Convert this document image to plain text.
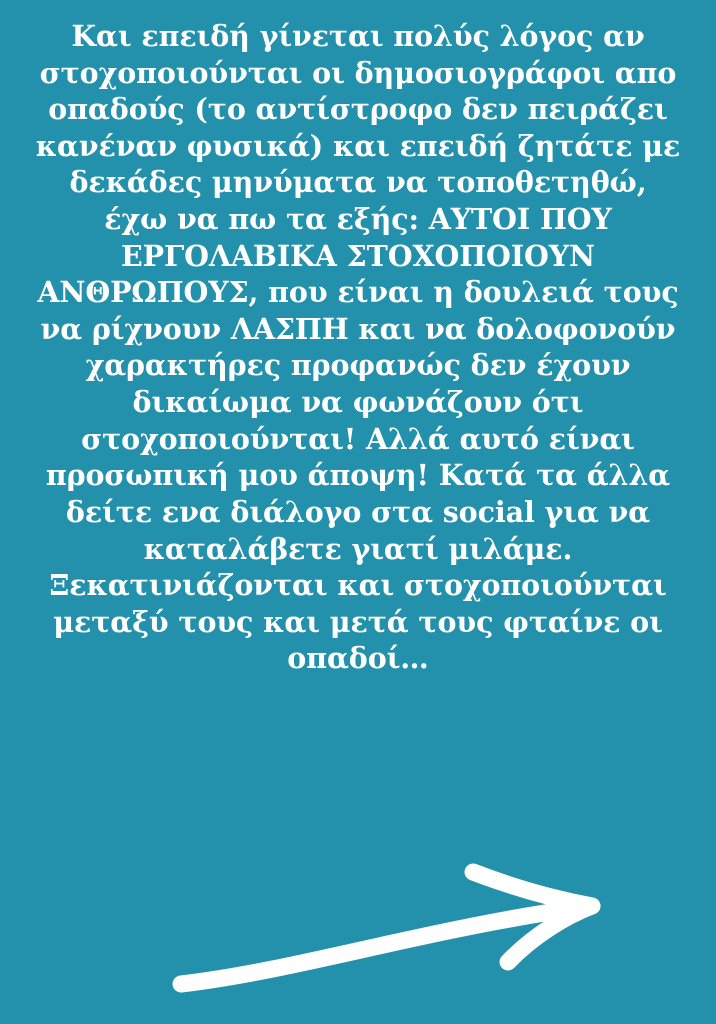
Και επειδή γίνεται πολύς λόγος αν στοχοποιούνται οι δημοσιογράφοι απο οπαδούς (το αντίστροφο δεν πειράζει κανέναν φυσικά) και επειδή ζητάτε με δεκάδες μηνύματα να τοποθετηθώ, έχω να πω τα εξής: ΑΥΤΟΙ ΠΟΥ ΕΡΓΟΛΑΒΙΚΑ ΣΤΟΧΟΠΟΙΟΥΝ ΑΝΘΡΩΠΟΥΣ, που είναι η δουλειά τους να ρίχνουν ΛΑΣΠΗ και να δολοφονούν χαρακτήρες προφανώς δεν έχουν δικαίωμα να φωνάζουν ότι στοχοποιούνται! Αλλά αυτό είναι προσωπική μου άποψη! Κατά τα άλλα δείτε ενα διάλογο στα social για να καταλάβετε γιατί μιλάμε. Ξεκατινιάζονται και στοχοποιούνται μεταξύ τους και μετά τους φταίνε οι οπαδοί…
